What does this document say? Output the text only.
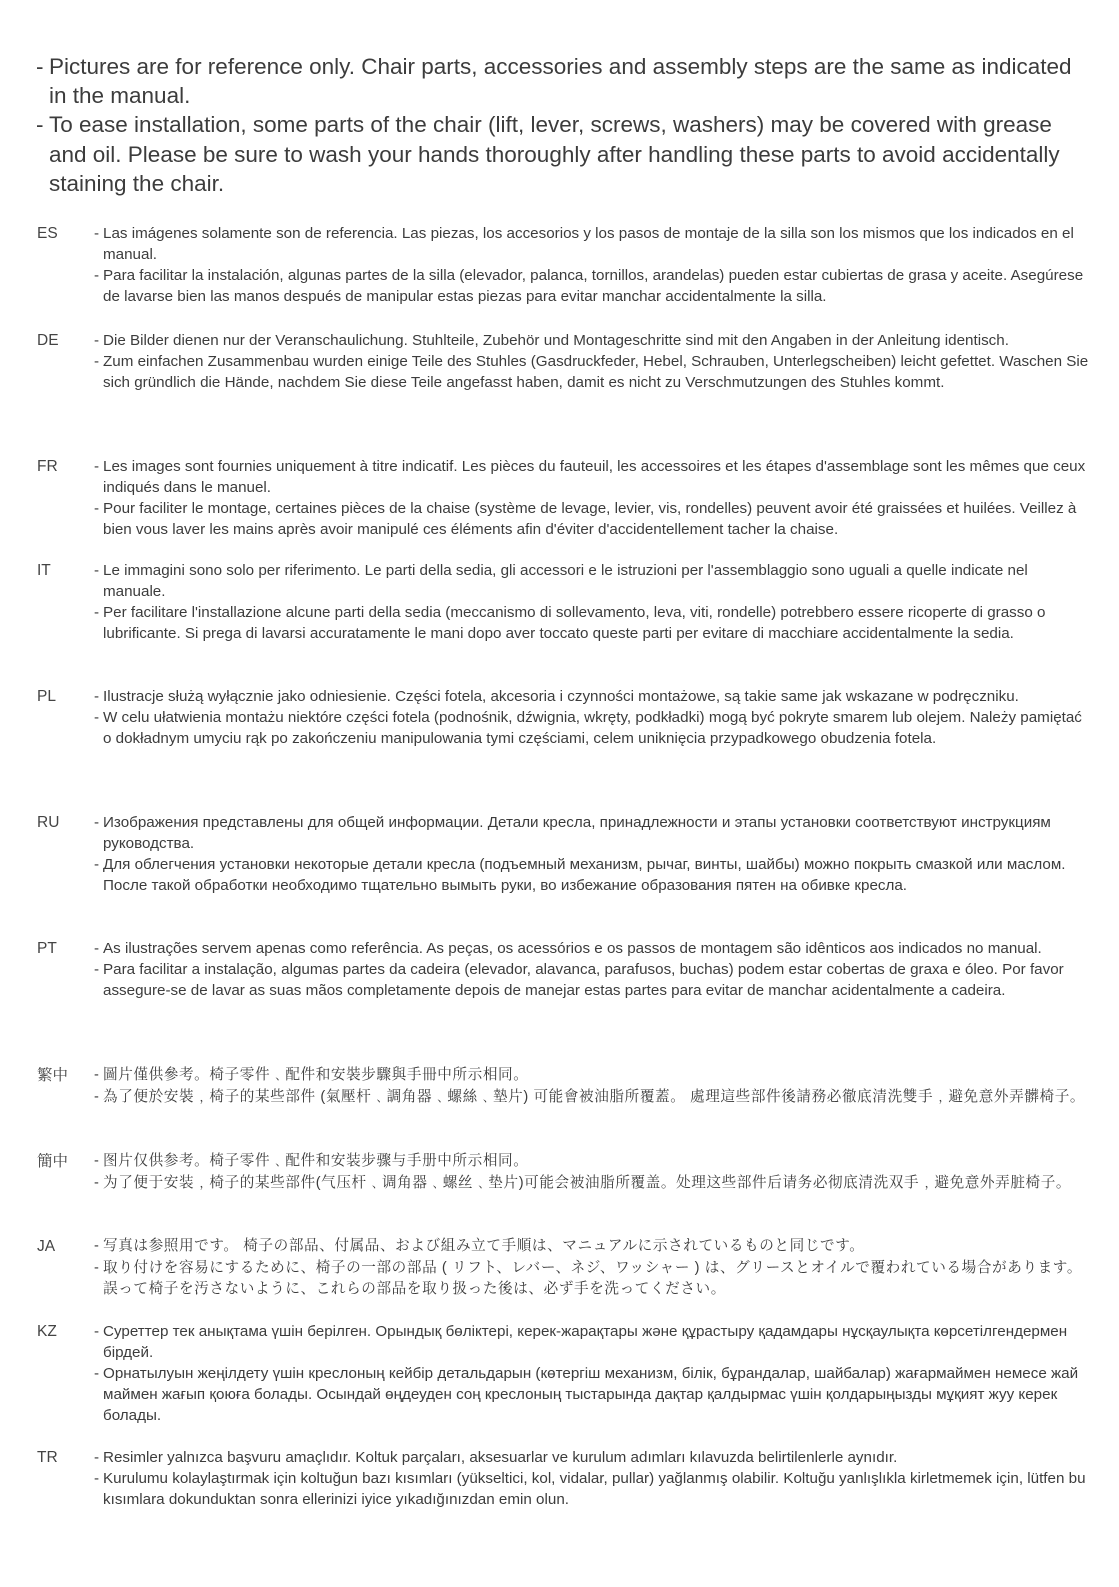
- Pictures are for reference only. Chair parts, accessories and assembly steps are the same as indicated in the manual.
- To ease installation, some parts of the chair (lift, lever, screws, washers) may be covered with grease and oil. Please be sure to wash your hands thoroughly after handling these parts to avoid accidentally staining the chair.
ES - Las imágenes solamente son de referencia. Las piezas, los accesorios y los pasos de montaje de la silla son los mismos que los indicados en el manual.
- Para facilitar la instalación, algunas partes de la silla (elevador, palanca, tornillos, arandelas) pueden estar cubiertas de grasa y aceite. Asegúrese de lavarse bien las manos después de manipular estas piezas para evitar manchar accidentalmente la silla.
DE - Die Bilder dienen nur der Veranschaulichung. Stuhlteile, Zubehör und Montageschritte sind mit den Angaben in der Anleitung identisch.
- Zum einfachen Zusammenbau wurden einige Teile des Stuhles (Gasdruckfeder, Hebel, Schrauben, Unterlegscheiben) leicht gefettet. Waschen Sie sich gründlich die Hände, nachdem Sie diese Teile angefasst haben, damit es nicht zu Verschmutzungen des Stuhles kommt.
FR - Les images sont fournies uniquement à titre indicatif. Les pièces du fauteuil, les accessoires et les étapes d'assemblage sont les mêmes que ceux indiqués dans le manuel.
- Pour faciliter le montage, certaines pièces de la chaise (système de levage, levier, vis, rondelles) peuvent avoir été graissées et huilées. Veillez à bien vous laver les mains après avoir manipulé ces éléments afin d'éviter d'accidentellement tacher la chaise.
IT	- Le immagini sono solo per riferimento. Le parti della sedia, gli accessori e le istruzioni per l'assemblaggio sono uguali a quelle indicate nel manuale.
- Per facilitare l'installazione alcune parti della sedia (meccanismo di sollevamento, leva, viti, rondelle) potrebbero essere ricoperte di grasso o lubrificante. Si prega di lavarsi accuratamente le mani dopo aver toccato queste parti per evitare di macchiare accidentalmente la sedia.
PL	- Ilustracje służą wyłącznie jako odniesienie. Części fotela, akcesoria i czynności montażowe, są takie same jak wskazane w podręczniku.
- W celu ułatwienia montażu niektóre części fotela (podnośnik, dźwignia, wkręty, podkładki) mogą być pokryte smarem lub olejem. Należy pamiętać o dokładnym umyciu rąk po zakończeniu manipulowania tymi częściami, celem uniknięcia przypadkowego obudzenia fotela.
RU - Изображения представлены для общей информации. Детали кресла, принадлежности и этапы установки соответствуют инструкциям руководства.
- Для облегчения установки некоторые детали кресла (подъемный механизм, рычаг, винты, шайбы) можно покрыть смазкой или маслом. После такой обработки необходимо тщательно вымыть руки, во избежание образования пятен на обивке кресла.
PT - As ilustrações servem apenas como referência. As peças, os acessórios e os passos de montagem são idênticos aos indicados no manual.
- Para facilitar a instalação, algumas partes da cadeira (elevador, alavanca, parafusos, buchas) podem estar cobertas de graxa e óleo. Por favor assegure-se de lavar as suas mãos completamente depois de manejar estas partes para evitar de manchar acidentalmente a cadeira.
繁中 - 圖片僅供參考。椅子零件﹑配件和安裝步驟與手冊中所示相同。
- 為了便於安裝﹐椅子的某些部件 (氣壓杆﹑調角器﹑螺絲﹑墊片) 可能會被油脂所覆蓋。 處理這些部件後請務必徹底清洗雙手﹐避免意外弄髒椅子。
簡中 - 图片仅供参考。椅子零件﹑配件和安装步骤与手册中所示相同。
- 为了便于安装﹐椅子的某些部件(气压杆﹑调角器﹑螺丝﹑垫片)可能会被油脂所覆盖。处理这些部件后请务必彻底清洗双手﹐避免意外弄脏椅子。
JA	- 写真は参照用です。 椅子の部品、付属品、および組み立て手順は、マニュアルに示されているものと同じです。
- 取り付けを容易にするために、椅子の一部の部品 ( リフト、レバー、ネジ、ワッシャー ) は、グリースとオイルで覆われている場合があります。誤って椅子を汚さないように、これらの部品を取り扱った後は、必ず手を洗ってください。
KZ - Суреттер тек анықтама үшін берілген. Орындық бөліктері, керек-жарақтары және құрастыру қадамдары нұсқаулықта көрсетілгендермен бірдей.
- Орнатылуын жеңілдету үшін креслоның кейбір детальдарын (көтергіш механизм, білік, бұрандалар, шайбалар) жағармаймен немесе жай маймен жағып қоюға болады. Осындай өңдеуден соң креслоның тыстарында дақтар қалдырмас үшін қолдарыңызды мұқият жуу керек болады.
TR - Resimler yalnızca başvuru amaçlıdır. Koltuk parçaları, aksesuarlar ve kurulum adımları kılavuzda belirtilenlerle aynıdır.
- Kurulumu kolaylaştırmak için koltuğun bazı kısımları (yükseltici, kol, vidalar, pullar) yağlanmış olabilir. Koltuğu yanlışlıkla kirletmemek için, lütfen bu kısımlara dokunduktan sonra ellerinizi iyice yıkadığınızdan emin olun.
